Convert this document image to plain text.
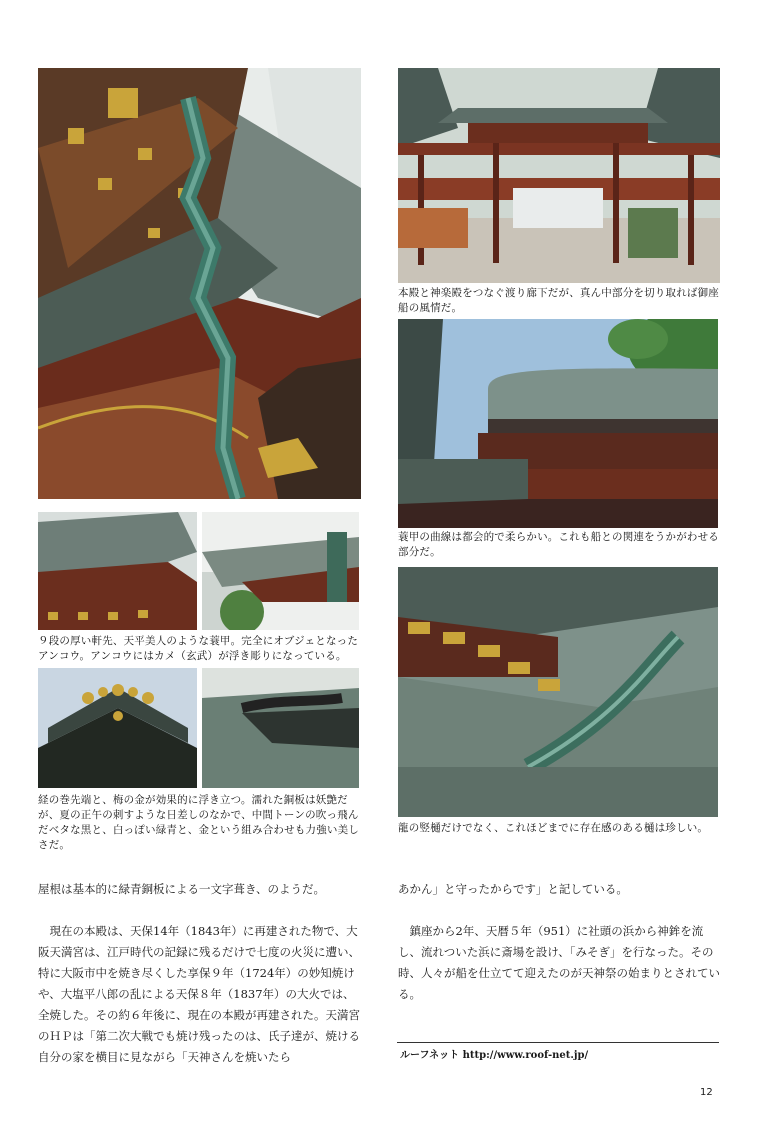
本殿と神楽殿をつなぐ渡り廊下だが、真ん中部分を切り取れば御座船の風情だ。
蓑甲の曲線は都会的で柔らかい。これも船との関連をうかがわせる部分だ。
９段の厚い軒先、天平美人のような蓑甲。完全にオブジェとなったアンコウ。アンコウにはカメ（玄武）が浮き彫りになっている。
経の巻先端と、梅の金が効果的に浮き立つ。濡れた銅板は妖艶だが、夏の正午の刺すような日差しのなかで、中間トーンの吹っ飛んだベタな黒と、白っぽい緑青と、金という組み合わせも力強い美しさだ。
龍の竪樋だけでなく、これほどまでに存在感のある樋は珍しい。

屋根は基本的に緑青銅板による一文字葺き、のようだ。

現在の本殿は、天保14年（1843年）に再建された物で、大阪天満宮は、江戸時代の記録に残るだけで七度の火災に遭い、特に大阪市中を焼き尽くした享保９年（1724年）の妙知焼けや、大塩平八郎の乱による天保８年（1837年）の大火では、全焼した。その約６年後に、現在の本殿が再建された。天満宮のＨＰは「第二次大戦でも焼け残ったのは、氏子達が、焼ける自分の家を横目に見ながら「天神さんを焼いたら

あかん」と守ったからです」と記している。

鎮座から2年、天暦５年（951）に社頭の浜から神鉾を流し、流れついた浜に斎場を設け、「みそぎ」を行なった。その時、人々が船を仕立てて迎えたのが天神祭の始まりとされている。

ルーフネット http://www.roof-net.jp/
12
